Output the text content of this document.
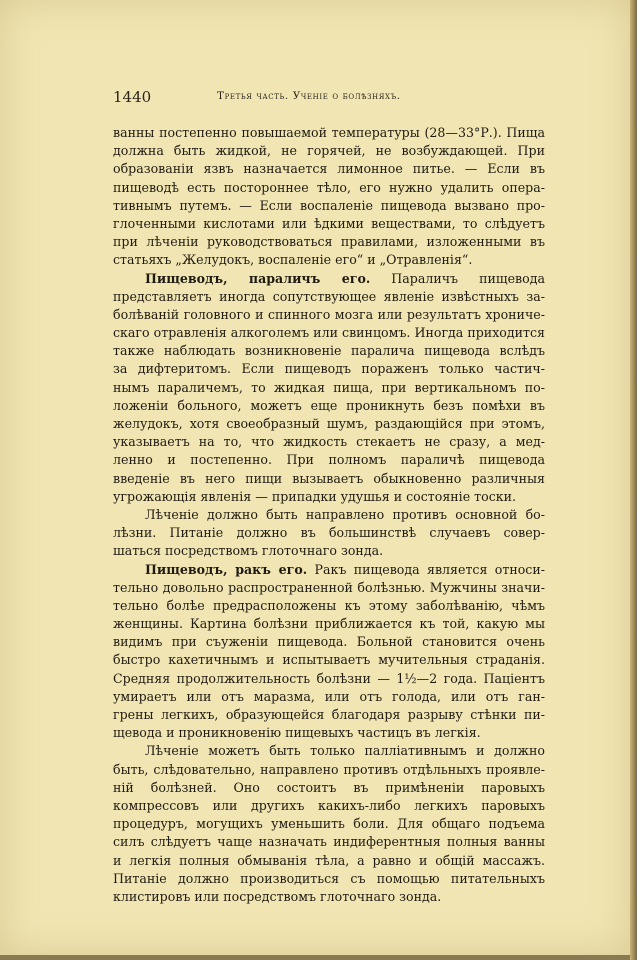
1440	Третья часть. Ученіе о болѣзняхъ.
ванны постепенно повышаемой температуры (28—33°Р.). Пища
должна быть жидкой, не горячей, не возбуждающей. При
образованіи язвъ назначается лимонное питье. — Если въ
пищеводѣ есть постороннее тѣло, его нужно удалить опера-
тивнымъ путемъ. — Если воспаленіе пищевода вызвано про-
глоченными кислотами или ѣдкими веществами, то слѣдуетъ
при лѣченіи руководствоваться правилами, изложенными въ
статьяхъ „Желудокъ, воспаленіе его“ и „Отравленія“.
Пищеводъ, параличъ его. Параличъ пищевода
представляетъ иногда сопутствующее явленіе извѣстныхъ за-
болѣваній головного и спинного мозга или результатъ хрониче-
скаго отравленія алкоголемъ или свинцомъ. Иногда приходится
также наблюдать возникновеніе паралича пищевода вслѣдъ
за дифтеритомъ. Если пищеводъ пораженъ только частич-
нымъ параличемъ, то жидкая пища, при вертикальномъ по-
ложеніи больного, можетъ еще проникнуть безъ помѣхи въ
желудокъ, хотя своеобразный шумъ, раздающійся при этомъ,
указываетъ на то, что жидкость стекаетъ не сразу, а мед-
ленно и постепенно. При полномъ параличѣ пищевода
введеніе въ него пищи вызываетъ обыкновенно различныя
угрожающія явленія — припадки удушья и состояніе тоски.
Лѣченіе должно быть направлено противъ основной бо-
лѣзни. Питаніе должно въ большинствѣ случаевъ совер-
шаться посредствомъ глоточнаго зонда.
Пищеводъ, ракъ его. Ракъ пищевода является относи-
тельно довольно распространенной болѣзнью. Мужчины значи-
тельно болѣе предрасположены къ этому заболѣванію, чѣмъ
женщины. Картина болѣзни приближается къ той, какую мы
видимъ при съуженіи пищевода. Больной становится очень
быстро кахетичнымъ и испытываетъ мучительныя страданія.
Средняя продолжительность болѣзни — 1½—2 года. Паціентъ
умираетъ или отъ маразма, или отъ голода, или отъ ган-
грены легкихъ, образующейся благодаря разрыву стѣнки пи-
щевода и проникновенію пищевыхъ частицъ въ легкія.
Лѣченіе можетъ быть только палліативнымъ и должно
быть, слѣдовательно, направлено противъ отдѣльныхъ проявле-
ній болѣзней. Оно состоитъ въ примѣненіи паровыхъ
компрессовъ или другихъ какихъ-либо легкихъ паровыхъ
процедуръ, могущихъ уменьшить боли. Для общаго подъема
силъ слѣдуетъ чаще назначать индиферентныя полныя ванны
и легкія полныя обмыванія тѣла, а равно и общій массажъ.
Питаніе должно производиться съ помощью питательныхъ
клистировъ или посредствомъ глоточнаго зонда.
